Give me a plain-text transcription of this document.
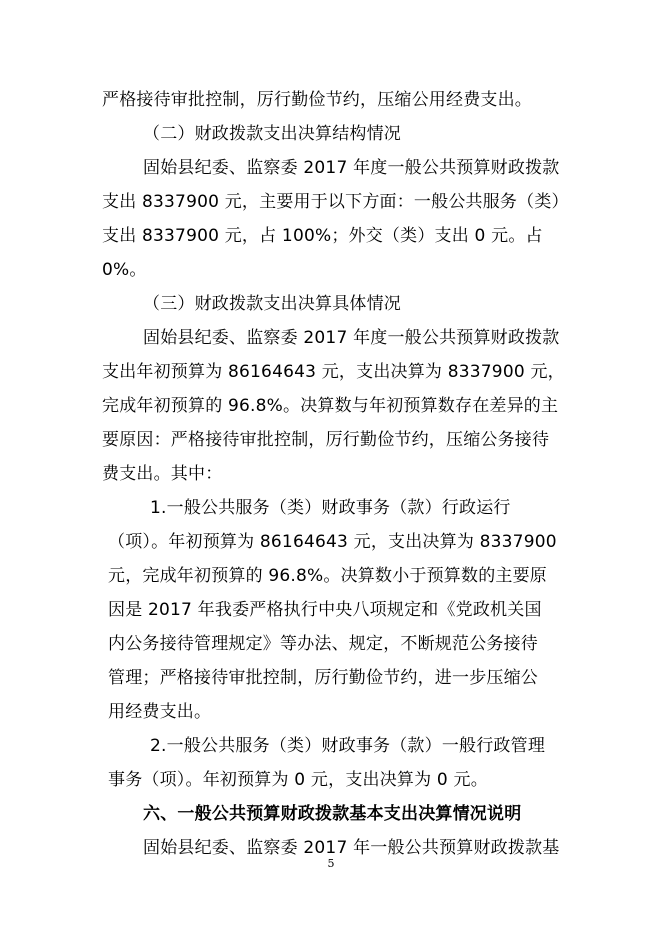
严格接待审批控制，厉行勤俭节约，压缩公用经费支出。
（二）财政拨款支出决算结构情况
固始县纪委、监察委 2017 年度一般公共预算财政拨款
支出 8337900 元，主要用于以下方面：一般公共服务（类）
支出 8337900 元，占 100%；外交（类）支出 0 元。占
0%。
（三）财政拨款支出决算具体情况
固始县纪委、监察委 2017 年度一般公共预算财政拨款
支出年初预算为 86164643 元，支出决算为 8337900 元，
完成年初预算的 96.8%。决算数与年初预算数存在差异的主
要原因：严格接待审批控制，厉行勤俭节约，压缩公务接待
费支出。其中：
1.一般公共服务（类）财政事务（款）行政运行
（项）。年初预算为 86164643 元，支出决算为 8337900
元，完成年初预算的 96.8%。决算数小于预算数的主要原
因是 2017 年我委严格执行中央八项规定和《党政机关国
内公务接待管理规定》等办法、规定，不断规范公务接待
管理；严格接待审批控制，厉行勤俭节约，进一步压缩公
用经费支出。
2.一般公共服务（类）财政事务（款）一般行政管理
事务（项）。年初预算为 0 元，支出决算为 0 元。
六、一般公共预算财政拨款基本支出决算情况说明
固始县纪委、监察委 2017 年一般公共预算财政拨款基
5
